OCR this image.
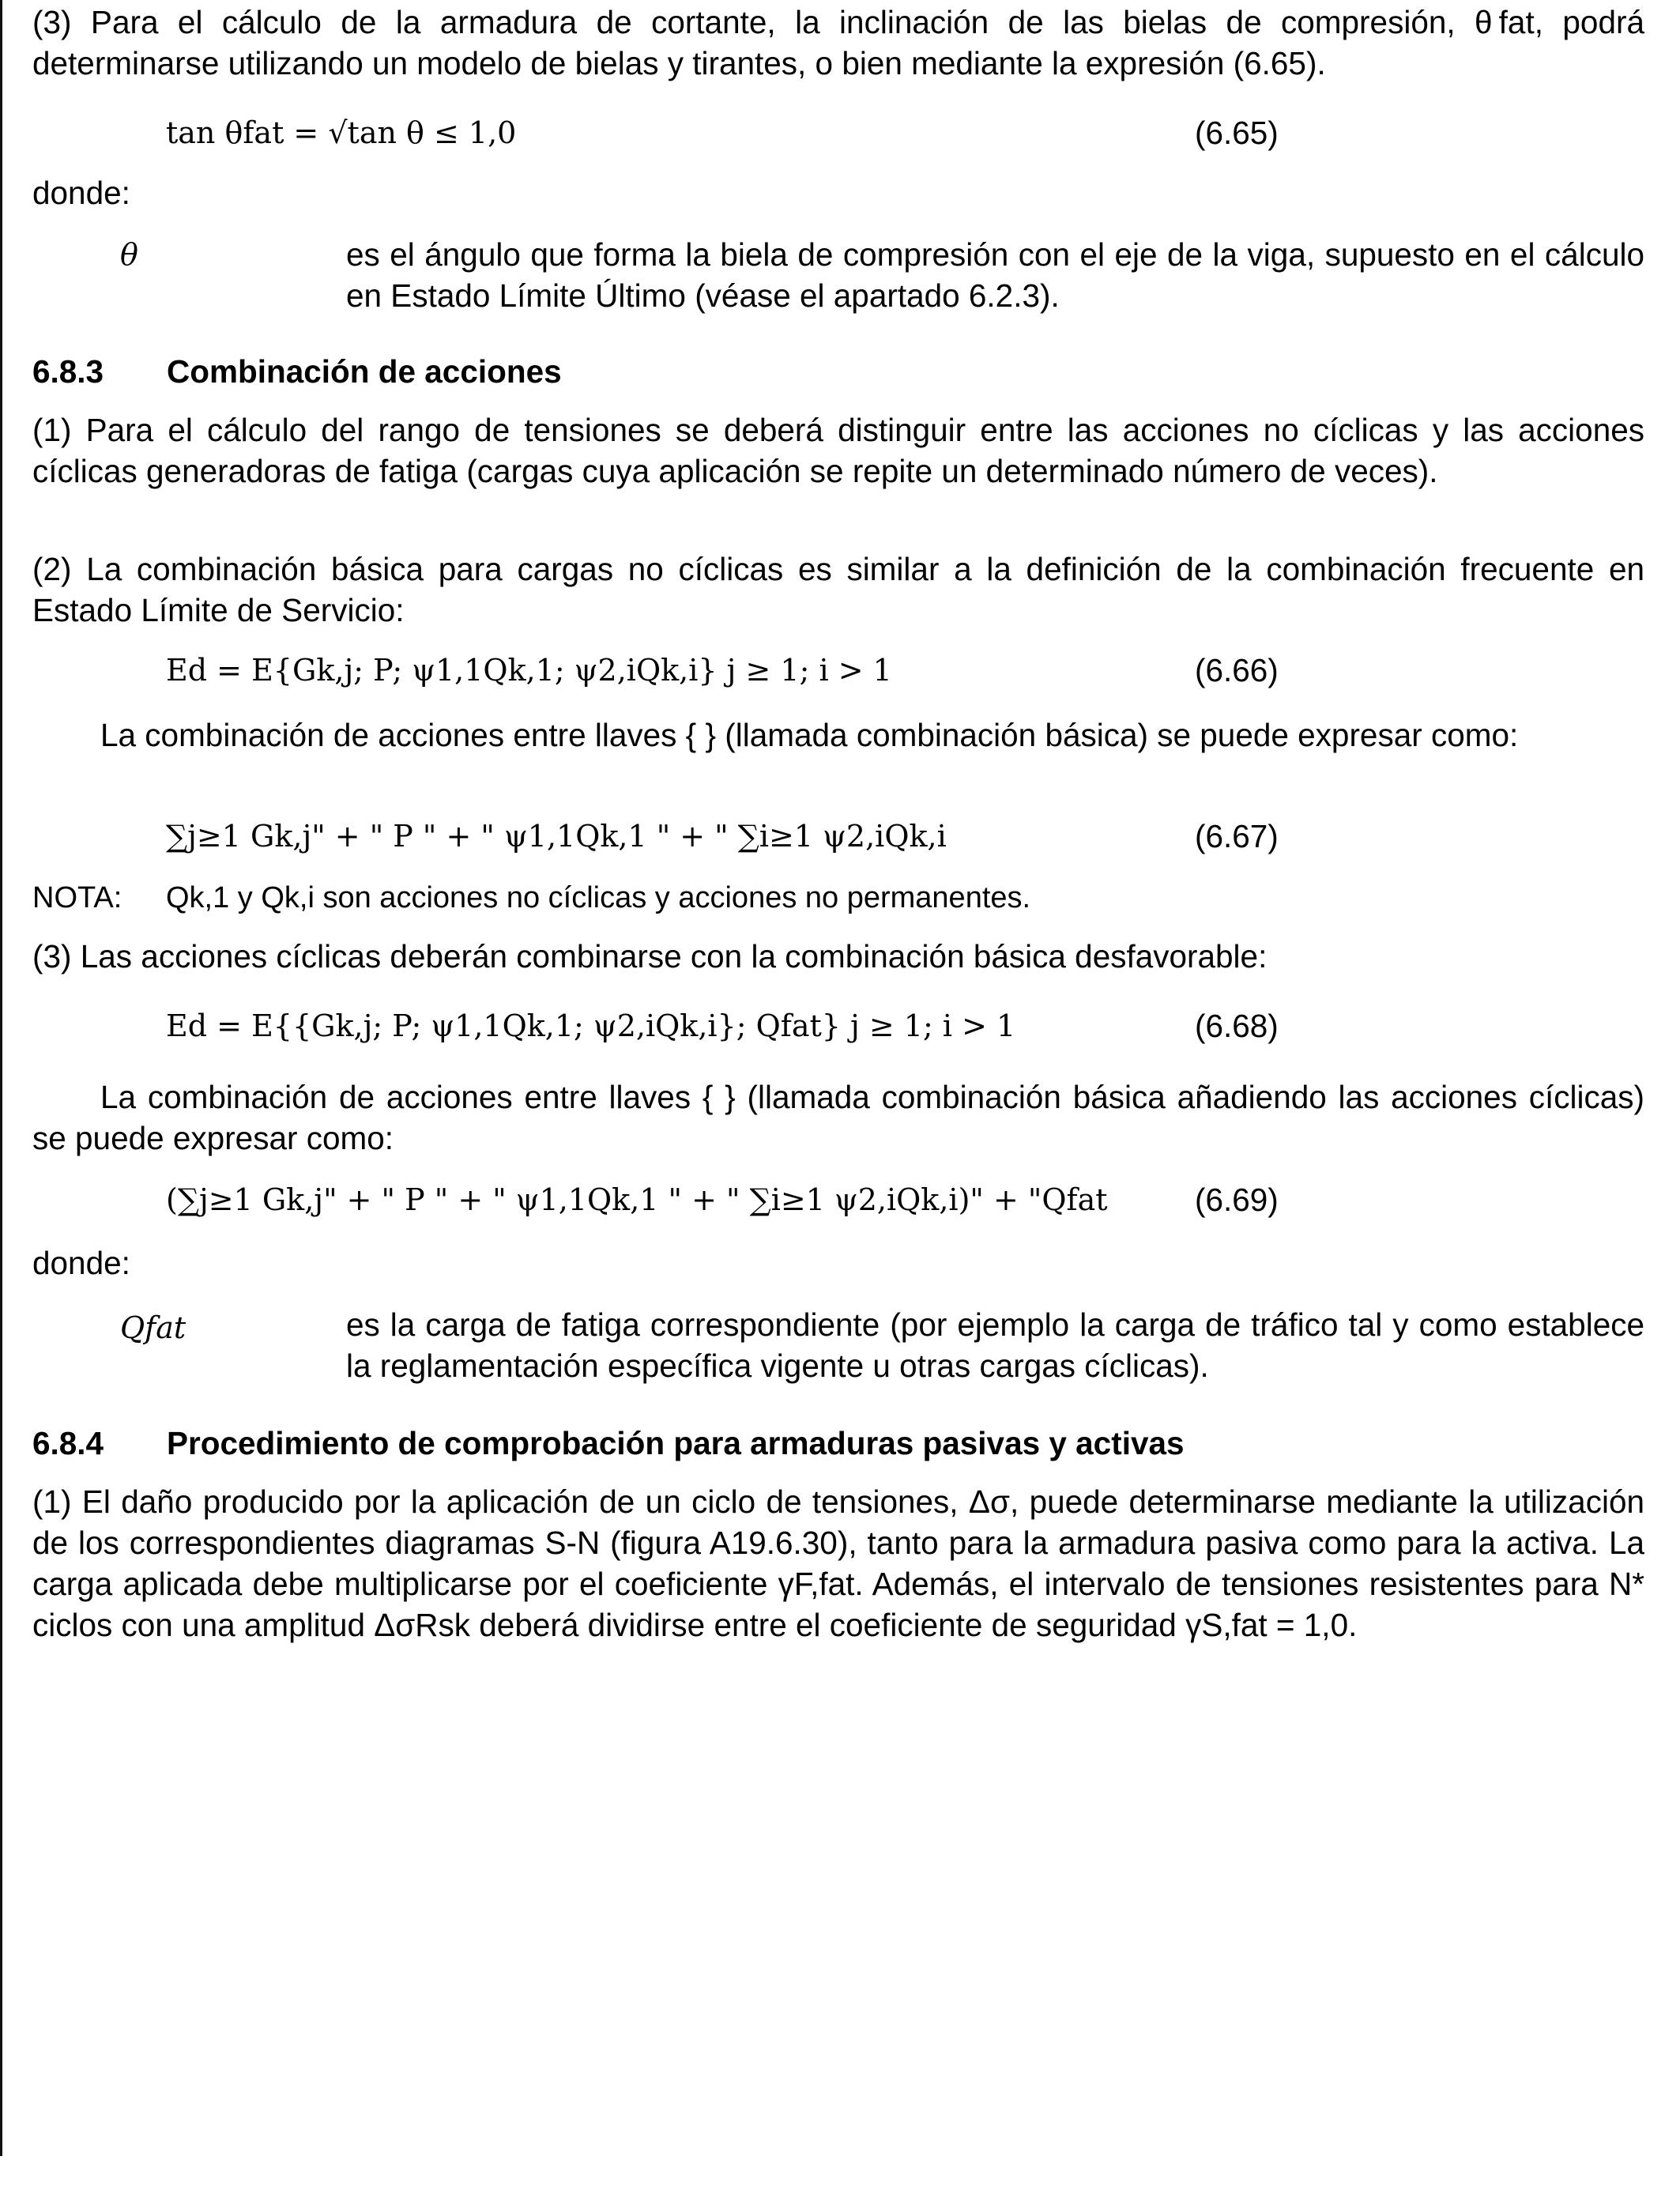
(3) Para el cálculo de la armadura de cortante, la inclinación de las bielas de compresión, θ fat, podrá determinarse utilizando un modelo de bielas y tirantes, o bien mediante la expresión (6.65).

tan θfat = √tan θ ≤ 1,0	(6.65)
donde:
θ	es el ángulo que forma la biela de compresión con el eje de la viga, supuesto en el cálculo en Estado Límite Último (véase el apartado 6.2.3).

6.8.3 Combinación de acciones

(1) Para el cálculo del rango de tensiones se deberá distinguir entre las acciones no cíclicas y las acciones cíclicas generadoras de fatiga (cargas cuya aplicación se repite un determinado número de veces).

(2) La combinación básica para cargas no cíclicas es similar a la definición de la combinación frecuente en Estado Límite de Servicio:

Ed = E{Gk,j; P; ψ1,1Qk,1; ψ2,iQk,i} j ≥ 1; i > 1	(6.66)

La combinación de acciones entre llaves { } (llamada combinación básica) se puede expresar como:

∑j≥1 Gk,j" + " P " + " ψ1,1Qk,1 " + " ∑i≥1 ψ2,iQk,i	(6.67)
NOTA: Qk,1 y Qk,i son acciones no cíclicas y acciones no permanentes.

(3) Las acciones cíclicas deberán combinarse con la combinación básica desfavorable:

Ed = E{{Gk,j; P; ψ1,1Qk,1; ψ2,iQk,i}; Qfat} j ≥ 1; i > 1	(6.68)

La combinación de acciones entre llaves { } (llamada combinación básica añadiendo las acciones cíclicas) se puede expresar como:

(∑j≥1 Gk,j" + " P " + " ψ1,1Qk,1 " + " ∑i≥1 ψ2,iQk,i)" + "Qfat	(6.69)
donde:
Qfat	es la carga de fatiga correspondiente (por ejemplo la carga de tráfico tal y como establece la reglamentación específica vigente u otras cargas cíclicas).

6.8.4 Procedimiento de comprobación para armaduras pasivas y activas

(1) El daño producido por la aplicación de un ciclo de tensiones, Δσ, puede determinarse mediante la utilización de los correspondientes diagramas S-N (figura A19.6.30), tanto para la armadura pasiva como para la activa. La carga aplicada debe multiplicarse por el coeficiente γF,fat. Además, el intervalo de tensiones resistentes para N* ciclos con una amplitud ΔσRsk deberá dividirse entre el coeficiente de seguridad γS,fat = 1,0.
